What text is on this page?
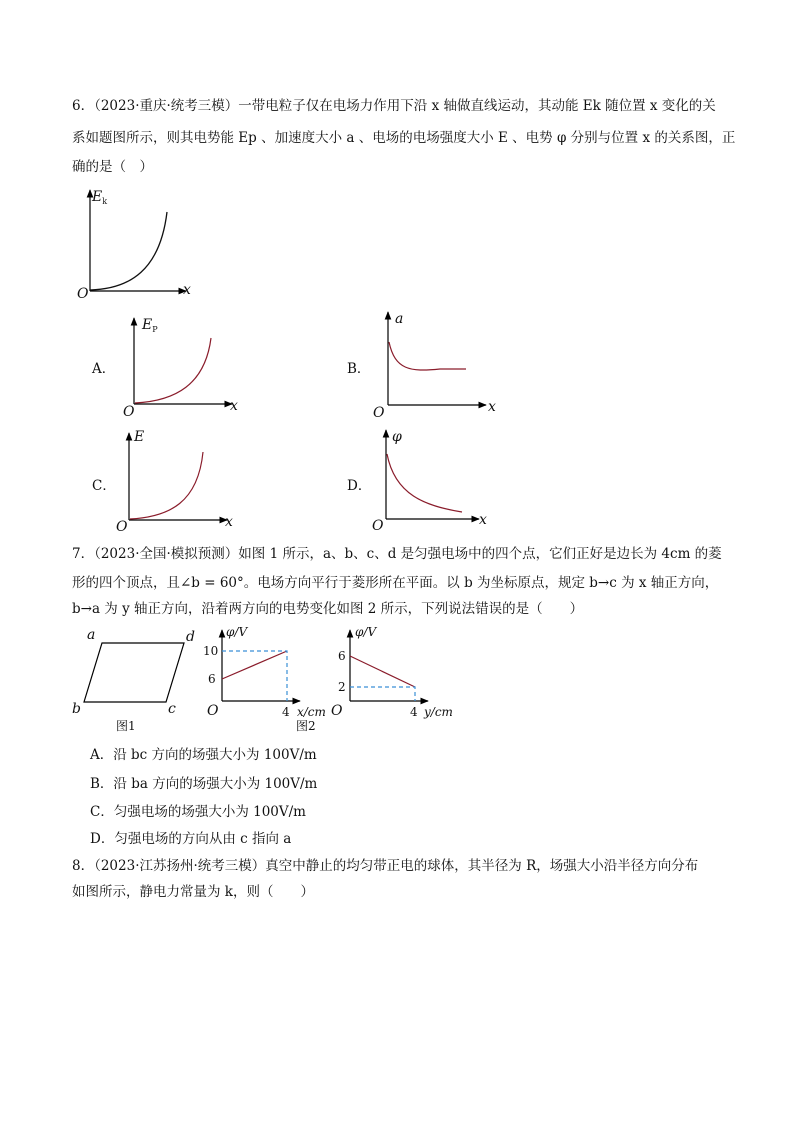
6．（2023·重庆·统考三模）一带电粒子仅在电场力作用下沿 x 轴做直线运动，其动能 Ek 随位置 x 变化的关
系如题图所示，则其电势能 Ep 、加速度大小 a 、电场的电场强度大小 E 、电势 φ 分别与位置 x 的关系图，正
确的是（　）
A．	B．
C．	D．
7．（2023·全国·模拟预测）如图 1 所示，a、b、c、d 是匀强电场中的四个点，它们正好是边长为 4cm 的菱
形的四个顶点，且∠b = 60°。电场方向平行于菱形所在平面。以 b 为坐标原点，规定 b→c 为 x 轴正方向，
b→a 为 y 轴正方向，沿着两方向的电势变化如图 2 所示，下列说法错误的是（　　）
A．沿 bc 方向的场强大小为 100V/m
B．沿 ba 方向的场强大小为 100V/m
C．匀强电场的场强大小为 100V/m
D．匀强电场的方向从由 c 指向 a
8．（2023·江苏扬州·统考三模）真空中静止的均匀带正电的球体，其半径为 R，场强大小沿半径方向分布
如图所示，静电力常量为 k，则（　　）
$E_k$
x
O
$E_P$
x
O
a
x
O
E
x
O
φ
x
O
a
b	c
d
图1
φ/V
10
6
4 x/cm
O
φ/V
6
2
4 y/cm
O
图2
